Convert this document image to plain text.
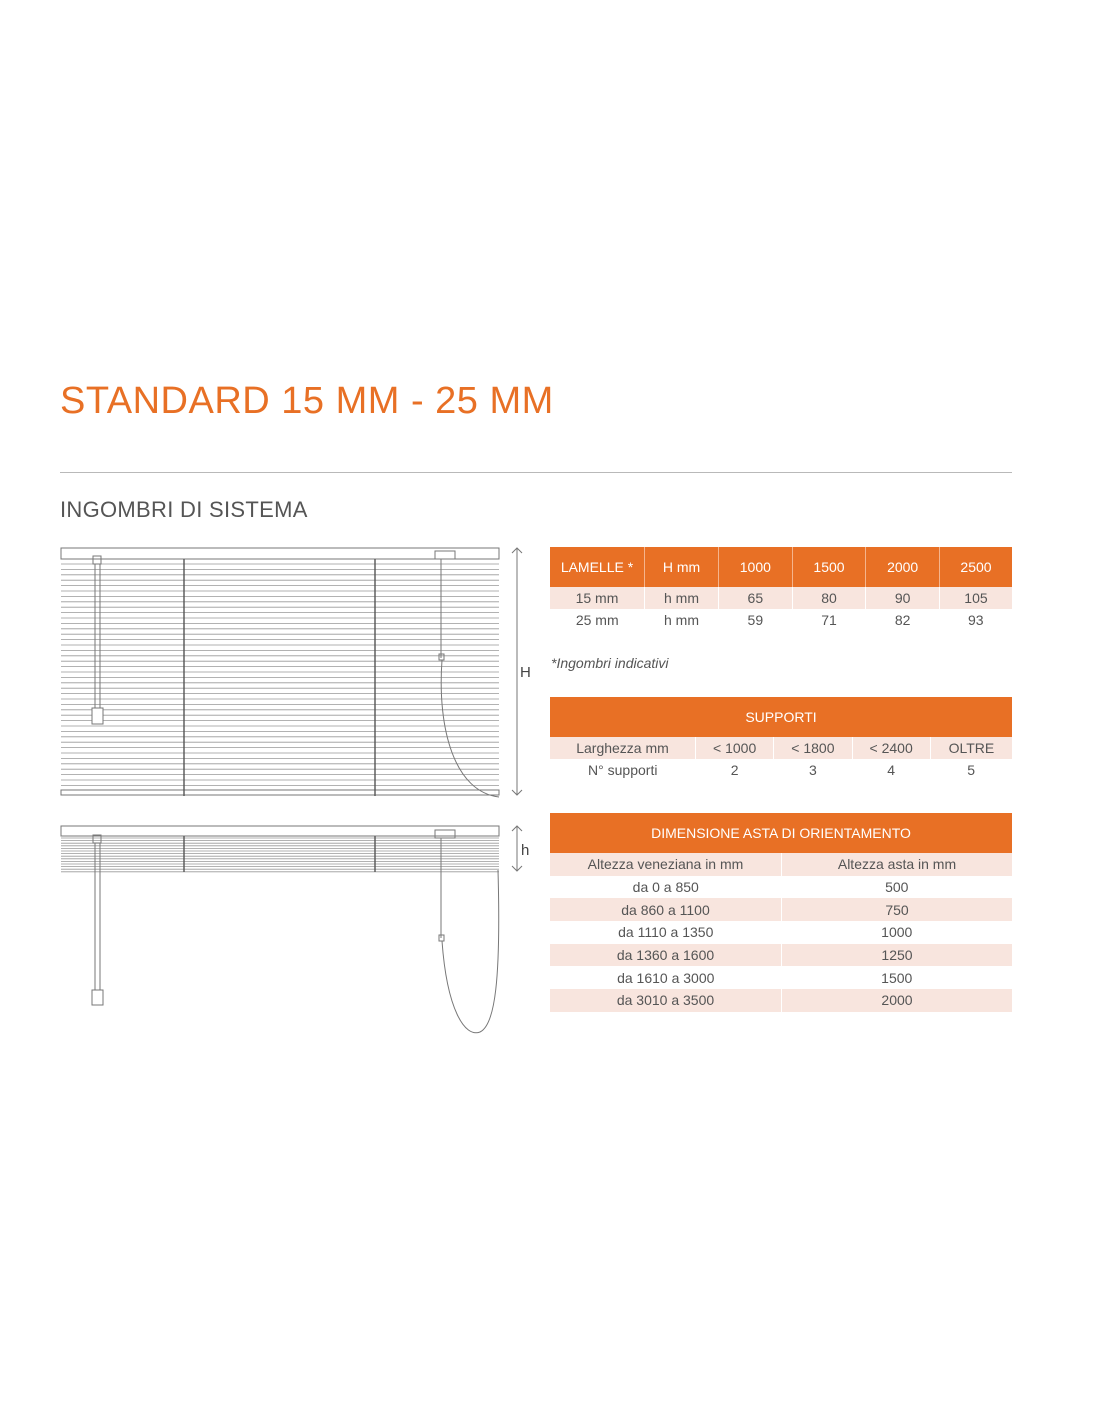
STANDARD 15 MM - 25 MM
INGOMBRI DI SISTEMA
H
h
LAMELLE *	H mm	1000	1500	2000	2500
15 mm	h mm	65	80	90	105
25 mm	h mm	59	71	82	93
*Ingombri indicativi
SUPPORTI				
Larghezza mm	< 1000	< 1800	< 2400	OLTRE
N° supporti	2	3	4	5
DIMENSIONE ASTA DI ORIENTAMENTO	
Altezza veneziana in mm	Altezza asta in mm
da 0 a 850	500
da 860 a 1100	750
da 1110 a 1350	1000
da 1360 a 1600	1250
da 1610 a 3000	1500
da 3010 a 3500	2000
